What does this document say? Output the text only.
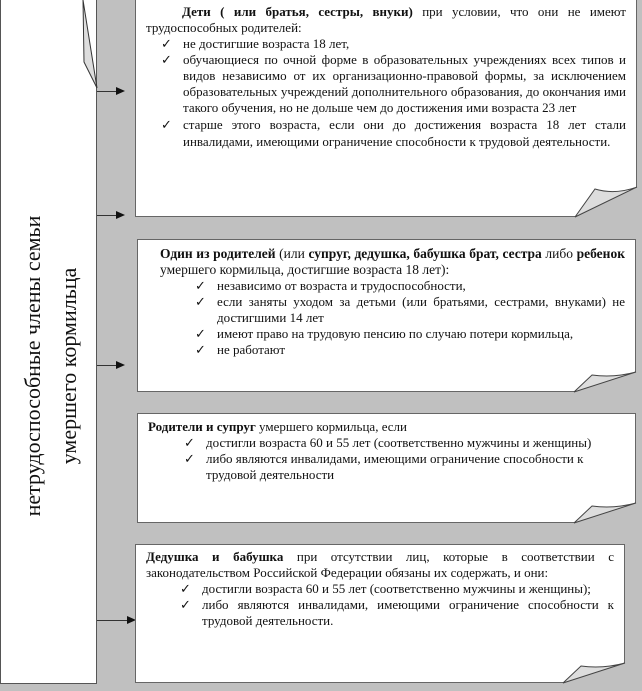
нетрудоспособные члены семьи умершего кормильца

Дети ( или братья, сестры, внуки) при условии, что они не имеют трудоспособных родителей:

✓ не достигшие возраста 18 лет,
✓ обучающиеся по очной форме в образовательных учреждениях всех типов и видов независимо от их организационно-правовой формы, за исключением образовательных учреждений дополнительного образования, до окончания ими такого обучения, но не дольше чем до достижения ими возраста 23 лет
✓ старше этого возраста, если они до достижения возраста 18 лет стали инвалидами, имеющими ограничение способности к трудовой деятельности.

Один из родителей (или супруг, дедушка, бабушка брат, сестра либо ребенок умершего кормильца, достигшие возраста 18 лет):

✓ независимо от возраста и трудоспособности,
✓ если заняты уходом за детьми (или братьями, сестрами, внуками) не достигшими 14 лет
✓ имеют право на трудовую пенсию по случаю потери кормильца,
✓ не работают

Родители и супруг умершего кормильца, если

✓ достигли возраста 60 и 55 лет (соответственно мужчины и женщины)
✓ либо являются инвалидами, имеющими ограничение способности к трудовой деятельности

Дедушка и бабушка при отсутствии лиц, которые в соответствии с законодательством Российской Федерации обязаны их содержать, и они:

✓ достигли возраста 60 и 55 лет (соответственно мужчины и женщины);
✓ либо являются инвалидами, имеющими ограничение способности к трудовой деятельности.
